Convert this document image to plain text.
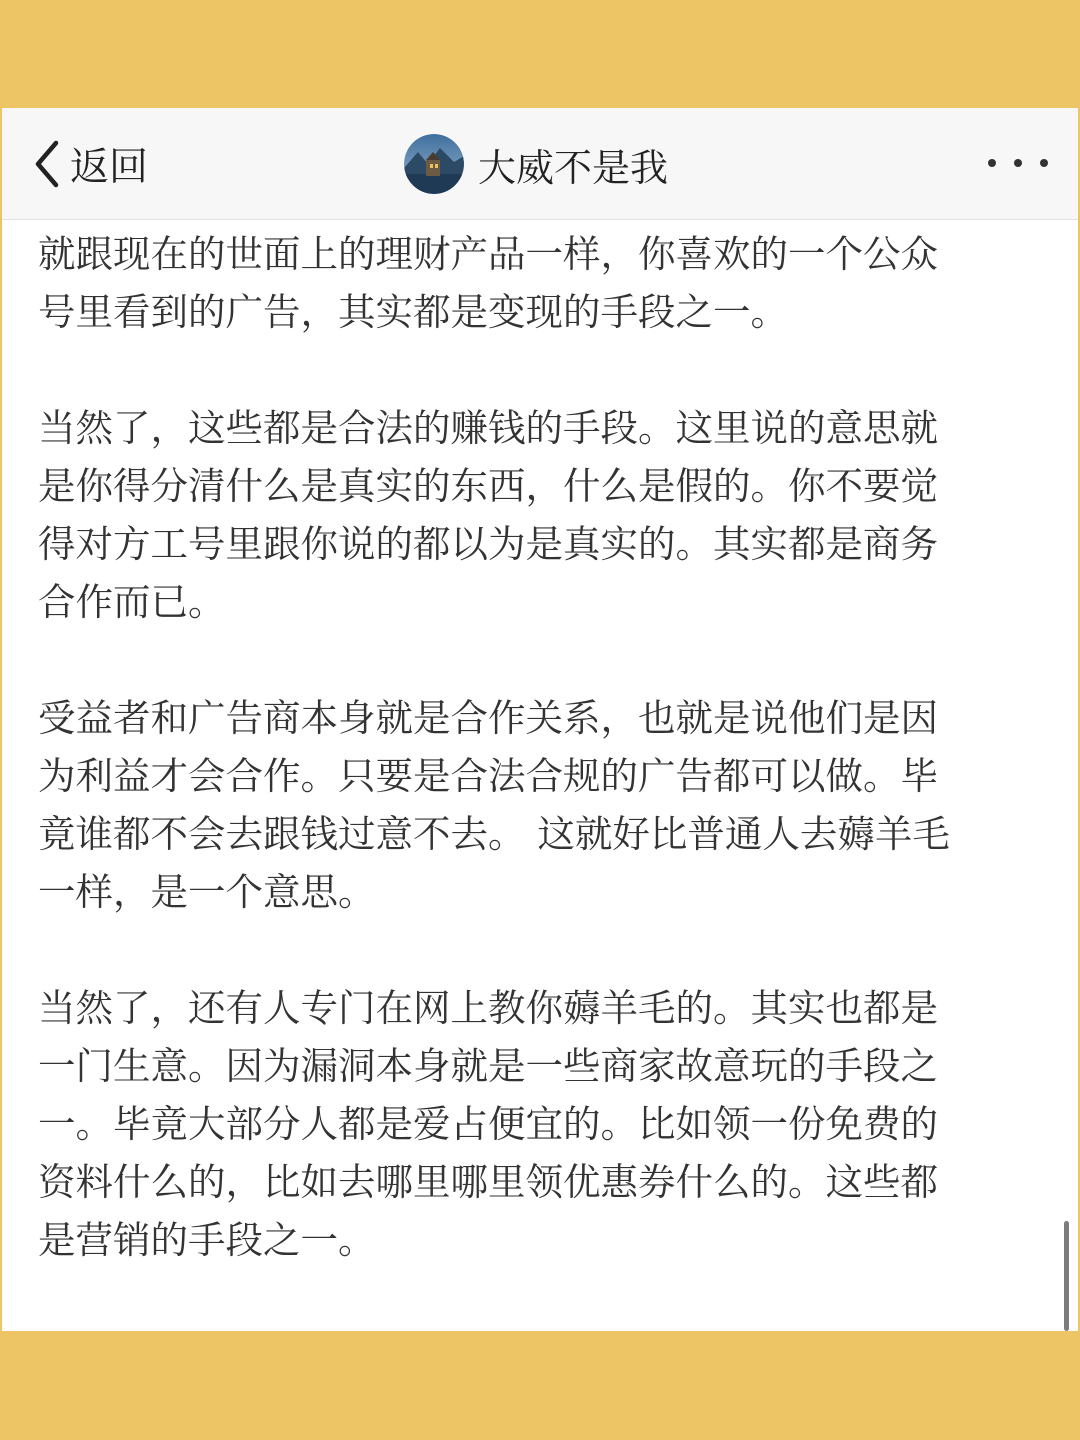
返回	大威不是我

就跟现在的世面上的理财产品一样，你喜欢的一个公众
号里看到的广告，其实都是变现的手段之一。

当然了，这些都是合法的赚钱的手段。这里说的意思就
是你得分清什么是真实的东西，什么是假的。你不要觉
得对方工号里跟你说的都以为是真实的。其实都是商务
合作而已。

受益者和广告商本身就是合作关系，也就是说他们是因
为利益才会合作。只要是合法合规的广告都可以做。毕
竟谁都不会去跟钱过意不去。 这就好比普通人去薅羊毛
一样，是一个意思。

当然了，还有人专门在网上教你薅羊毛的。其实也都是
一门生意。因为漏洞本身就是一些商家故意玩的手段之
一。毕竟大部分人都是爱占便宜的。比如领一份免费的
资料什么的，比如去哪里哪里领优惠券什么的。这些都
是营销的手段之一。
